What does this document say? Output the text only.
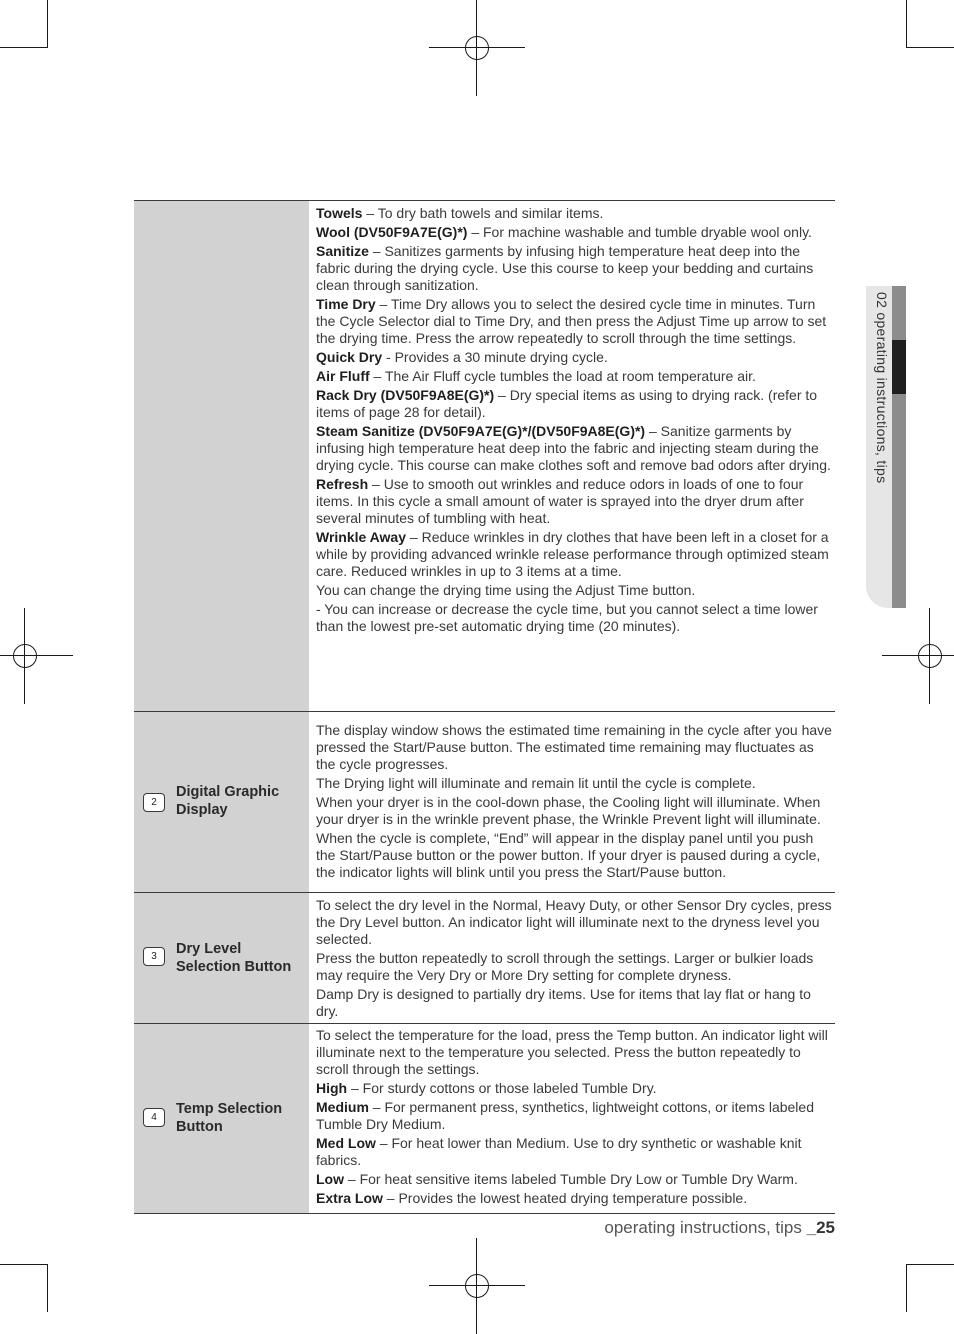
02 operating instructions, tips

Towels – To dry bath towels and similar items.

Wool (DV50F9A7E(G)*) – For machine washable and tumble dryable wool only.

Sanitize – Sanitizes garments by infusing high temperature heat deep into the fabric during the drying cycle. Use this course to keep your bedding and curtains clean through sanitization.

Time Dry – Time Dry allows you to select the desired cycle time in minutes. Turn the Cycle Selector dial to Time Dry, and then press the Adjust Time up arrow to set the drying time. Press the arrow repeatedly to scroll through the time settings.

Quick Dry - Provides a 30 minute drying cycle.

Air Fluff – The Air Fluff cycle tumbles the load at room temperature air.

Rack Dry (DV50F9A8E(G)*) – Dry special items as using to drying rack. (refer to items of page 28 for detail).

Steam Sanitize (DV50F9A7E(G)*/(DV50F9A8E(G)*) – Sanitize garments by infusing high temperature heat deep into the fabric and injecting steam during the drying cycle. This course can make clothes soft and remove bad odors after drying.

Refresh – Use to smooth out wrinkles and reduce odors in loads of one to four items. In this cycle a small amount of water is sprayed into the dryer drum after several minutes of tumbling with heat.

Wrinkle Away – Reduce wrinkles in dry clothes that have been left in a closet for a while by providing advanced wrinkle release performance through optimized steam care. Reduced wrinkles in up to 3 items at a time.

You can change the drying time using the Adjust Time button.

- You can increase or decrease the cycle time, but you cannot select a time lower than the lowest pre-set automatic drying time (20 minutes).

2
Digital Graphic Display

The display window shows the estimated time remaining in the cycle after you have pressed the Start/Pause button. The estimated time remaining may fluctuates as the cycle progresses.

The Drying light will illuminate and remain lit until the cycle is complete.

When your dryer is in the cool-down phase, the Cooling light will illuminate. When your dryer is in the wrinkle prevent phase, the Wrinkle Prevent light will illuminate.

When the cycle is complete, “End” will appear in the display panel until you push the Start/Pause button or the power button. If your dryer is paused during a cycle, the indicator lights will blink until you press the Start/Pause button.

3	Dry Level Selection Button

To select the dry level in the Normal, Heavy Duty, or other Sensor Dry cycles, press the Dry Level button. An indicator light will illuminate next to the dryness level you selected.

Press the button repeatedly to scroll through the settings. Larger or bulkier loads may require the Very Dry or More Dry setting for complete dryness.

Damp Dry is designed to partially dry items. Use for items that lay flat or hang to dry.

4
Temp Selection Button

To select the temperature for the load, press the Temp button. An indicator light will illuminate next to the temperature you selected. Press the button repeatedly to scroll through the settings.

High – For sturdy cottons or those labeled Tumble Dry.

Medium – For permanent press, synthetics, lightweight cottons, or items labeled Tumble Dry Medium.

Med Low – For heat lower than Medium. Use to dry synthetic or washable knit fabrics.

Low – For heat sensitive items labeled Tumble Dry Low or Tumble Dry Warm.

Extra Low – Provides the lowest heated drying temperature possible.

operating instructions, tips _25
